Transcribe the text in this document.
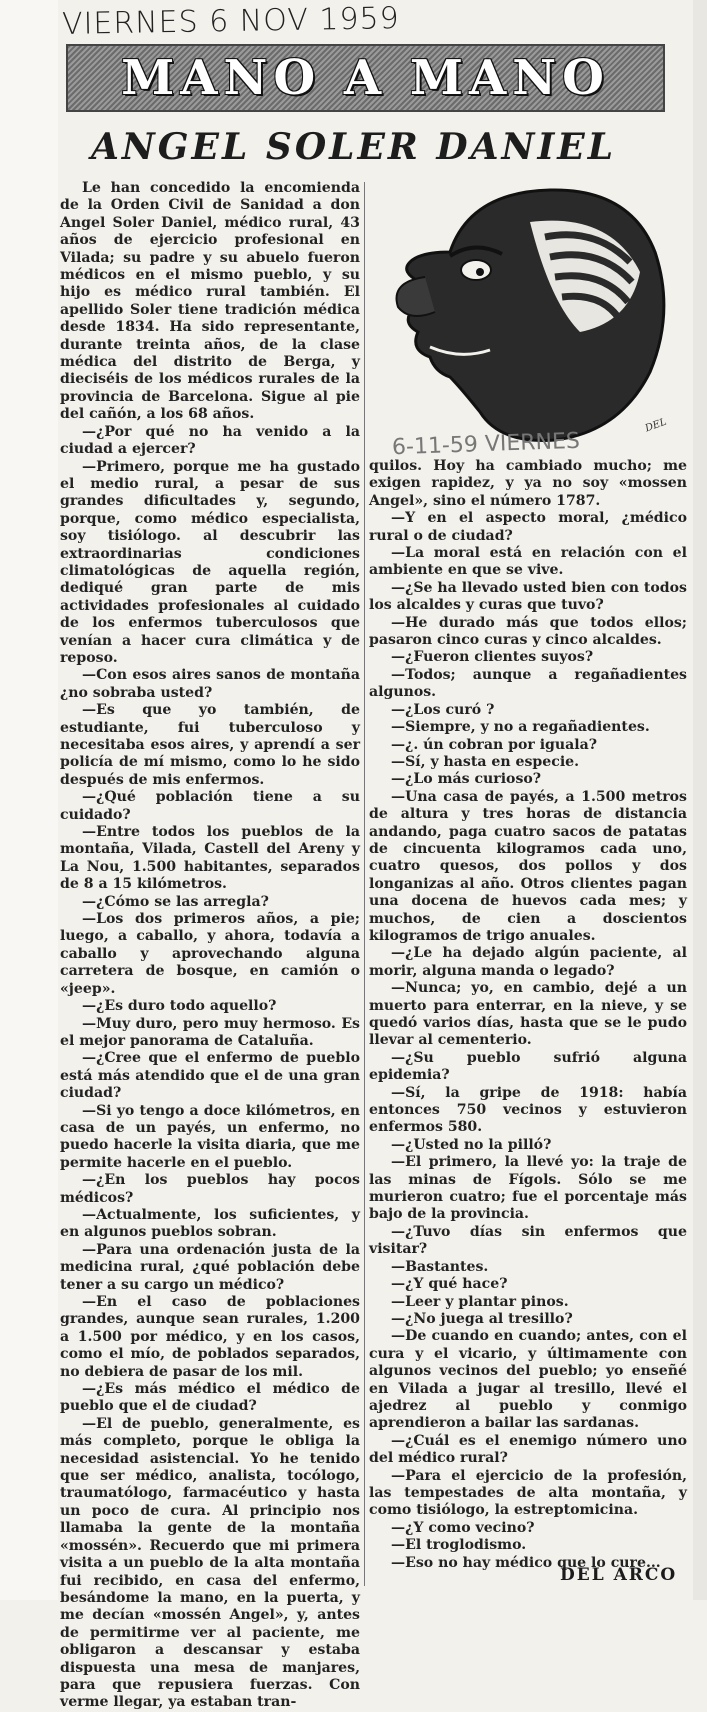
VIERNES 6 NOV 1959
MANO A MANO
ANGEL SOLER DANIEL
6-11-59 VIERNES
DEL

Le han concedido la encomienda de la Orden Civil de Sanidad a don Angel Soler Daniel, médico rural, 43 años de ejercicio profesional en Vilada; su padre y su abuelo fueron médicos en el mismo pueblo, y su hijo es médico rural también. El apellido Soler tiene tradición médica desde 1834. Ha sido representante, durante treinta años, de la clase médica del distrito de Berga, y dieciséis de los médicos rurales de la provincia de Barcelona. Sigue al pie del cañón, a los 68 años.

—¿Por qué no ha venido a la ciudad a ejercer?

—Primero, porque me ha gustado el medio rural, a pesar de sus grandes dificultades y, segundo, porque, como médico especialista, soy tisiólogo. al descubrir las extraordinarias condiciones climatológicas de aquella región, dediqué gran parte de mis actividades profesionales al cuidado de los enfermos tuberculosos que venían a hacer cura climática y de reposo.

—Con esos aires sanos de montaña ¿no sobraba usted?

—Es que yo también, de estudiante, fui tuberculoso y necesitaba esos aires, y aprendí a ser policía de mí mismo, como lo he sido después de mis enfermos.

—¿Qué población tiene a su cuidado?

—Entre todos los pueblos de la montaña, Vilada, Castell del Areny y La Nou, 1.500 habitantes, separados de 8 a 15 kilómetros.

—¿Cómo se las arregla?

—Los dos primeros años, a pie; luego, a caballo, y ahora, todavía a caballo y aprovechando alguna carretera de bosque, en camión o «jeep».

—¿Es duro todo aquello?

—Muy duro, pero muy hermoso. Es el mejor panorama de Cataluña.

—¿Cree que el enfermo de pueblo está más atendido que el de una gran ciudad?

—Si yo tengo a doce kilómetros, en casa de un payés, un enfermo, no puedo hacerle la visita diaria, que me permite hacerle en el pueblo.

—¿En los pueblos hay pocos médicos?

—Actualmente, los suficientes, y en algunos pueblos sobran.

—Para una ordenación justa de la medicina rural, ¿qué población debe tener a su cargo un médico?

—En el caso de poblaciones grandes, aunque sean rurales, 1.200 a 1.500 por médico, y en los casos, como el mío, de poblados separados, no debiera de pasar de los mil.

—¿Es más médico el médico de pueblo que el de ciudad?

—El de pueblo, generalmente, es más completo, porque le obliga la necesidad asistencial. Yo he tenido que ser médico, analista, tocólogo, traumatólogo, farmacéutico y hasta un poco de cura. Al principio nos llamaba la gente de la montaña «mossén». Recuerdo que mi primera visita a un pueblo de la alta montaña fui recibido, en casa del enfermo, besándome la mano, en la puerta, y me decían «mossén Angel», y, antes de permitirme ver al paciente, me obligaron a descansar y estaba dispuesta una mesa de manjares, para que repusiera fuerzas. Con verme llegar, ya estaban tran-

quilos. Hoy ha cambiado mucho; me exigen rapidez, y ya no soy «mossen Angel», sino el número 1787.

—Y en el aspecto moral, ¿médico rural o de ciudad?

—La moral está en relación con el ambiente en que se vive.

—¿Se ha llevado usted bien con todos los alcaldes y curas que tuvo?

—He durado más que todos ellos; pasaron cinco curas y cinco alcaldes.

—¿Fueron clientes suyos?

—Todos; aunque a regañadientes algunos.

—¿Los curó ?

—Siempre, y no a regañadientes.

—¿. ún cobran por iguala?

—Sí, y hasta en especie.

—¿Lo más curioso?

—Una casa de payés, a 1.500 metros de altura y tres horas de distancia andando, paga cuatro sacos de patatas de cincuenta kilogramos cada uno, cuatro quesos, dos pollos y dos longanizas al año. Otros clientes pagan una docena de huevos cada mes; y muchos, de cien a doscientos kilogramos de trigo anuales.

—¿Le ha dejado algún paciente, al morir, alguna manda o legado?

—Nunca; yo, en cambio, dejé a un muerto para enterrar, en la nieve, y se quedó varios días, hasta que se le pudo llevar al cementerio.

—¿Su pueblo sufrió alguna epidemia?

—Sí, la gripe de 1918: había entonces 750 vecinos y estuvieron enfermos 580.

—¿Usted no la pilló?

—El primero, la llevé yo: la traje de las minas de Fígols. Sólo se me murieron cuatro; fue el porcentaje más bajo de la provincia.

—¿Tuvo días sin enfermos que visitar?

—Bastantes.

—¿Y qué hace?

—Leer y plantar pinos.

—¿No juega al tresillo?

—De cuando en cuando; antes, con el cura y el vicario, y últimamente con algunos vecinos del pueblo; yo enseñé en Vilada a jugar al tresillo, llevé el ajedrez al pueblo y conmigo aprendieron a bailar las sardanas.

—¿Cuál es el enemigo número uno del médico rural?

—Para el ejercicio de la profesión, las tempestades de alta montaña, y como tisiólogo, la estreptomicina.

—¿Y como vecino?

—El troglodismo.

—Eso no hay médico que lo cure...

DEL ARCO
